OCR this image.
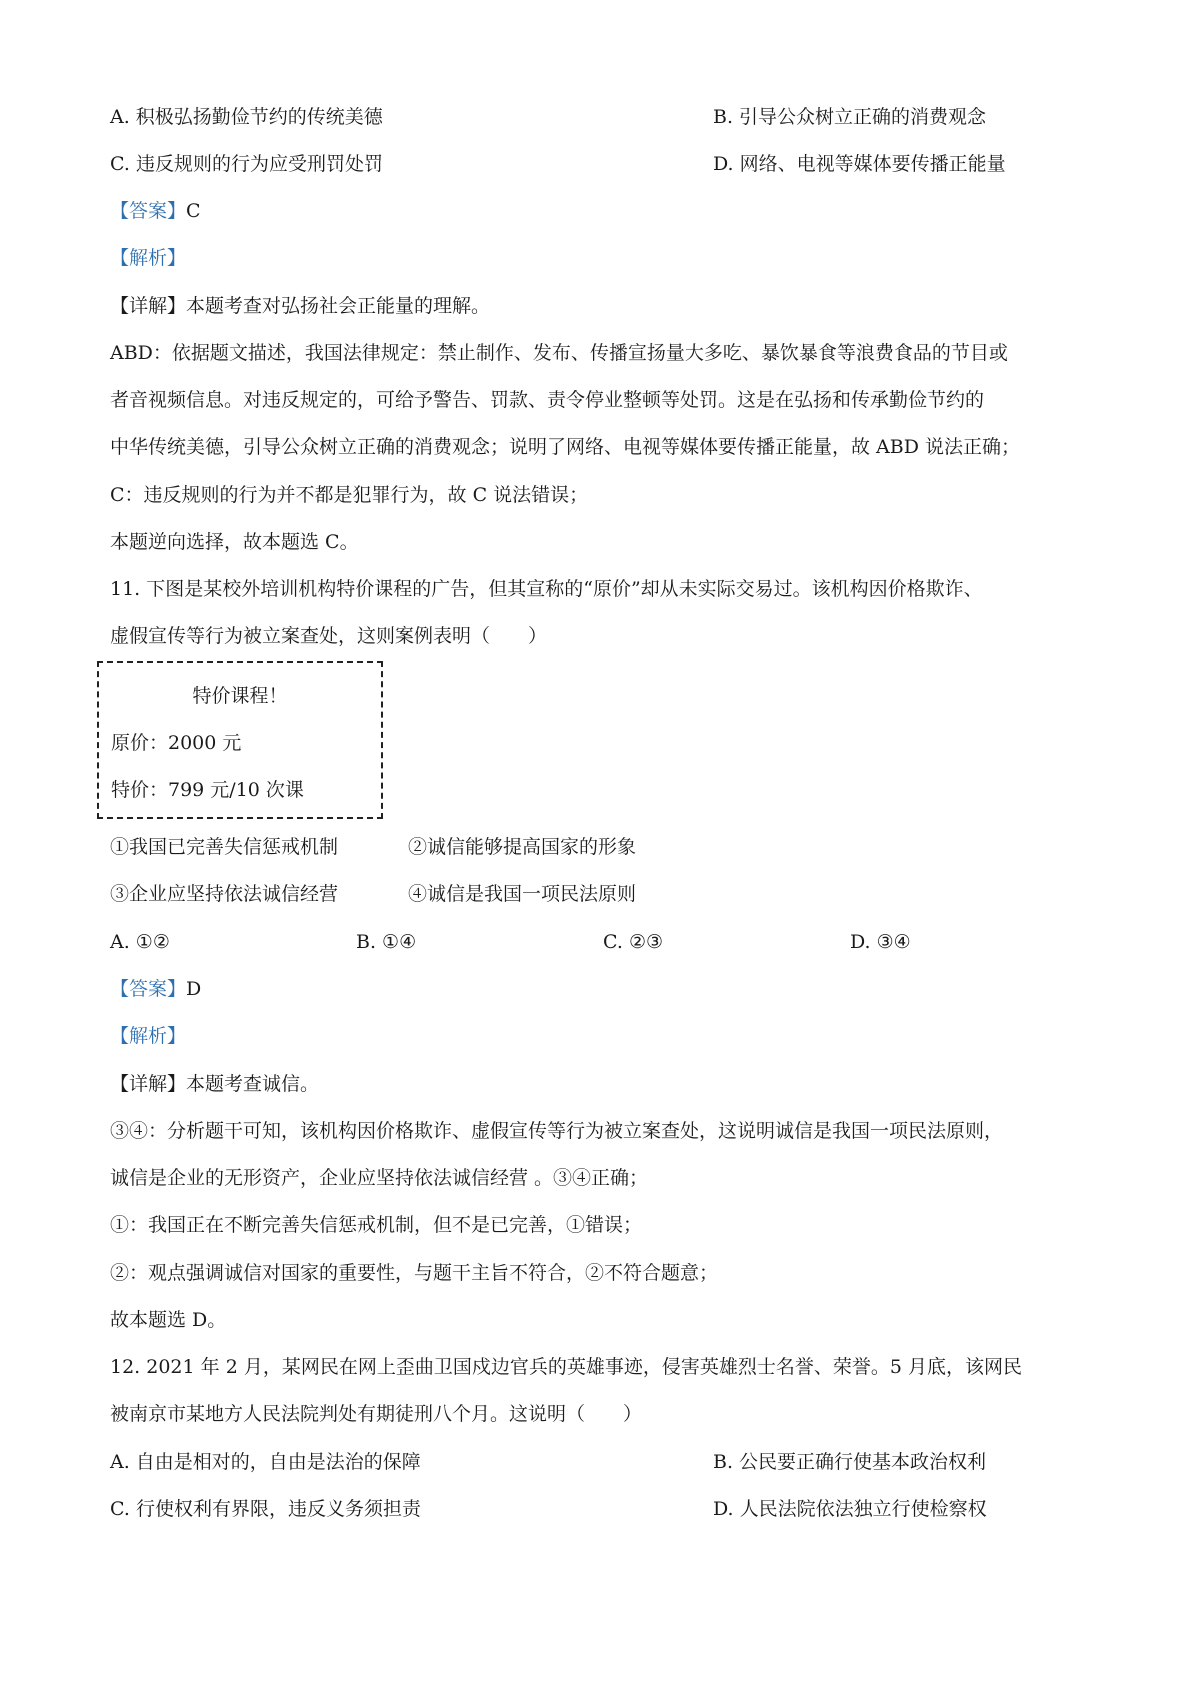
A. 积极弘扬勤俭节约的传统美德	B. 引导公众树立正确的消费观念
C. 违反规则的行为应受刑罚处罚	D. 网络、电视等媒体要传播正能量
【答案】C
【解析】
【详解】本题考查对弘扬社会正能量的理解。
ABD：依据题文描述，我国法律规定：禁止制作、发布、传播宣扬量大多吃、暴饮暴食等浪费食品的节目或
者音视频信息。对违反规定的，可给予警告、罚款、责令停业整顿等处罚。这是在弘扬和传承勤俭节约的
中华传统美德，引导公众树立正确的消费观念；说明了网络、电视等媒体要传播正能量，故 ABD 说法正确；
C：违反规则的行为并不都是犯罪行为，故 C 说法错误；
本题逆向选择，故本题选 C。
11. 下图是某校外培训机构特价课程的广告，但其宣称的“原价”却从未实际交易过。该机构因价格欺诈、
虚假宣传等行为被立案查处，这则案例表明（　　）
特价课程！
原价：2000 元
特价：799 元/10 次课
①我国已完善失信惩戒机制	②诚信能够提高国家的形象
③企业应坚持依法诚信经营	④诚信是我国一项民法原则
A. ①②	B. ①④	C. ②③	D. ③④
【答案】D
【解析】
【详解】本题考查诚信。
③④：分析题干可知，该机构因价格欺诈、虚假宣传等行为被立案查处，这说明诚信是我国一项民法原则，
诚信是企业的无形资产，企业应坚持依法诚信经营 。③④正确；
①：我国正在不断完善失信惩戒机制，但不是已完善，①错误；
②：观点强调诚信对国家的重要性，与题干主旨不符合，②不符合题意；
故本题选 D。
12. 2021 年 2 月，某网民在网上歪曲卫国戍边官兵的英雄事迹，侵害英雄烈士名誉、荣誉。5 月底，该网民
被南京市某地方人民法院判处有期徒刑八个月。这说明（　　）
A. 自由是相对的，自由是法治的保障	B. 公民要正确行使基本政治权利
C. 行使权利有界限，违反义务须担责	D. 人民法院依法独立行使检察权
